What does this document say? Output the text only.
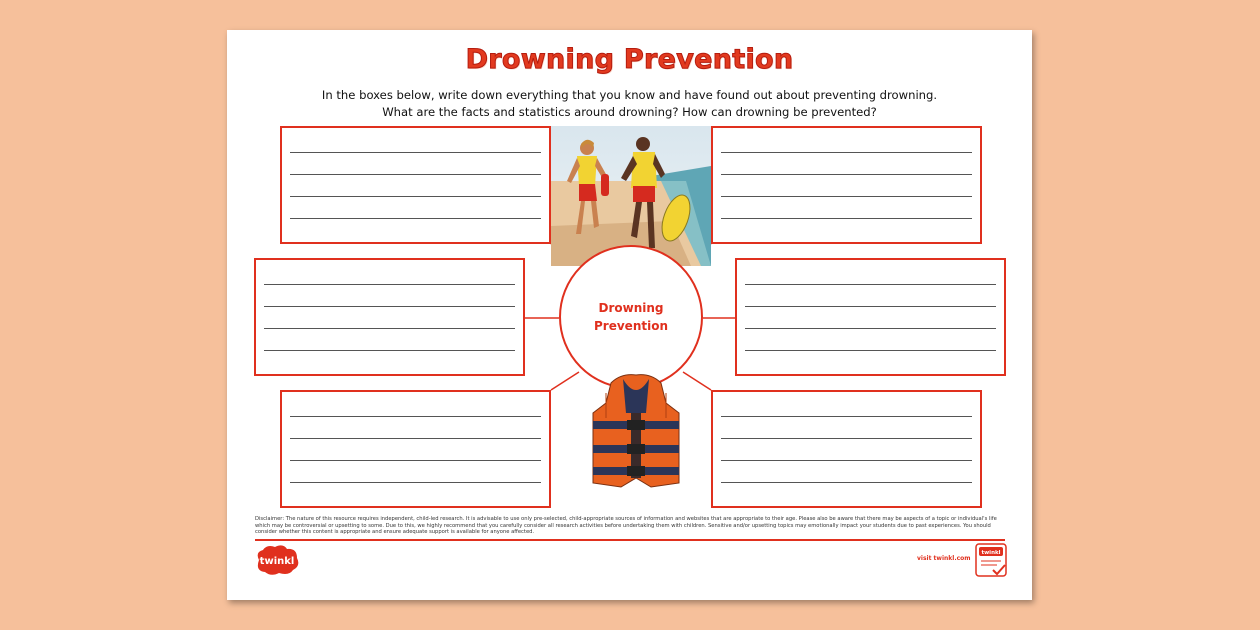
Drowning Prevention
In the boxes below, write down everything that you know and have found out about preventing drowning.
What are the facts and statistics around drowning? How can drowning be prevented?
Drowning
Prevention
Disclaimer: The nature of this resource requires independent, child-led research. It is advisable to use only pre-selected, child-appropriate sources of information and websites that are appropriate to their age. Please also be aware that there may be aspects of a topic or individual's life which may be controversial or upsetting to some. Due to this, we highly recommend that you carefully consider all research activities before undertaking them with children. Sensitive and/or upsetting topics may emotionally impact your students due to past experiences. You should consider whether this content is appropriate and ensure adequate support is available for anyone affected.
twinkl	visit twinkl.com
twinkl
